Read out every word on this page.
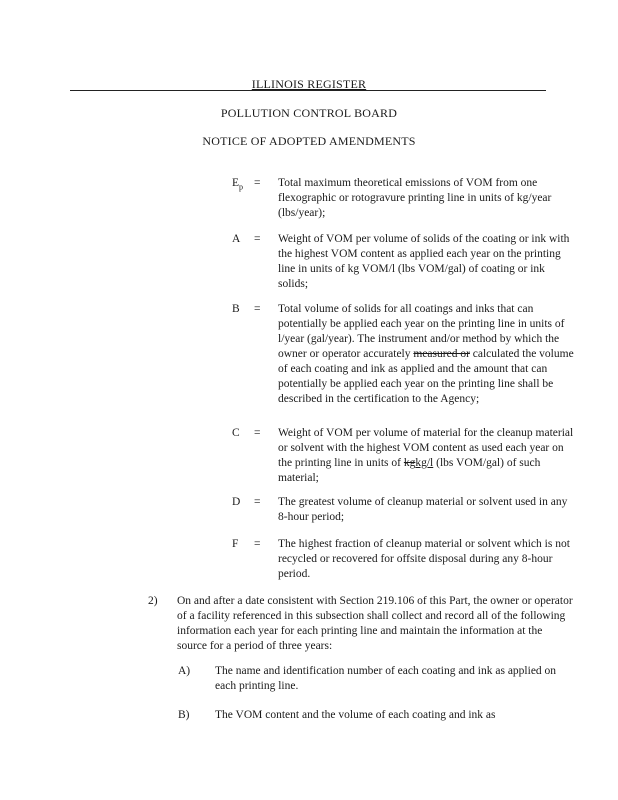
ILLINOIS REGISTER
POLLUTION CONTROL BOARD
NOTICE OF ADOPTED AMENDMENTS
$E_p$ = Total maximum theoretical emissions of VOM from one flexographic or rotogravure printing line in units of kg/year (lbs/year);
A	= Weight of VOM per volume of solids of the coating or ink with the highest VOM content as applied each year on the printing line in units of kg VOM/l (lbs VOM/gal) of coating or ink solids;
B	= Total volume of solids for all coatings and inks that can potentially be applied each year on the printing line in units of l/year (gal/year). The instrument and/or method by which the owner or operator accurately measured or calculated the volume of each coating and ink as applied and the amount that can potentially be applied each year on the printing line shall be described in the certification to the Agency;
C	= Weight of VOM per volume of material for the cleanup material or solvent with the highest VOM content as used each year on the printing line in units of kgkg/l (lbs VOM/gal) of such material;
D	= The greatest volume of cleanup material or solvent used in any 8-hour period;
F	= The highest fraction of cleanup material or solvent which is not recycled or recovered for offsite disposal during any 8-hour period.
2) On and after a date consistent with Section 219.106 of this Part, the owner or operator of a facility referenced in this subsection shall collect and record all of the following information each year for each printing line and maintain the information at the source for a period of three years:
A) The name and identification number of each coating and ink as applied on each printing line.
B) The VOM content and the volume of each coating and ink as
